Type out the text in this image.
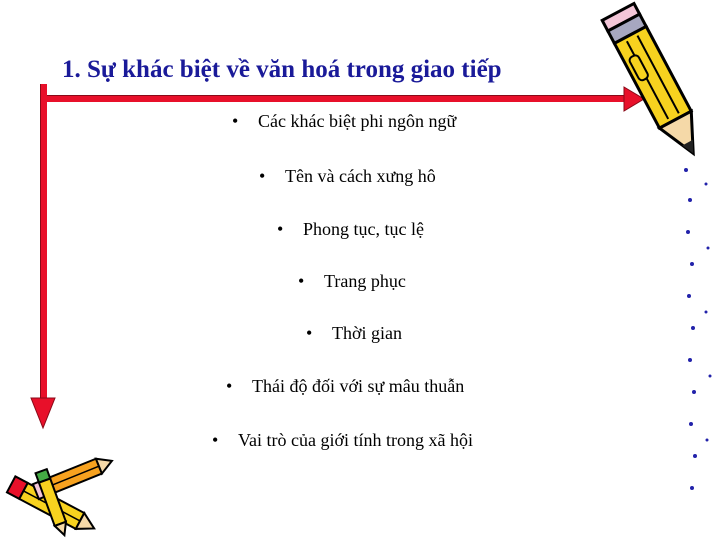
1. Sự khác biệt về văn hoá trong giao tiếp
• Các khác biệt phi ngôn ngữ
• Tên và cách xưng hô
• Phong tục, tục lệ
• Trang phục
• Thời gian
• Thái độ đối với sự mâu thuẫn
• Vai trò của giới tính trong xã hội
